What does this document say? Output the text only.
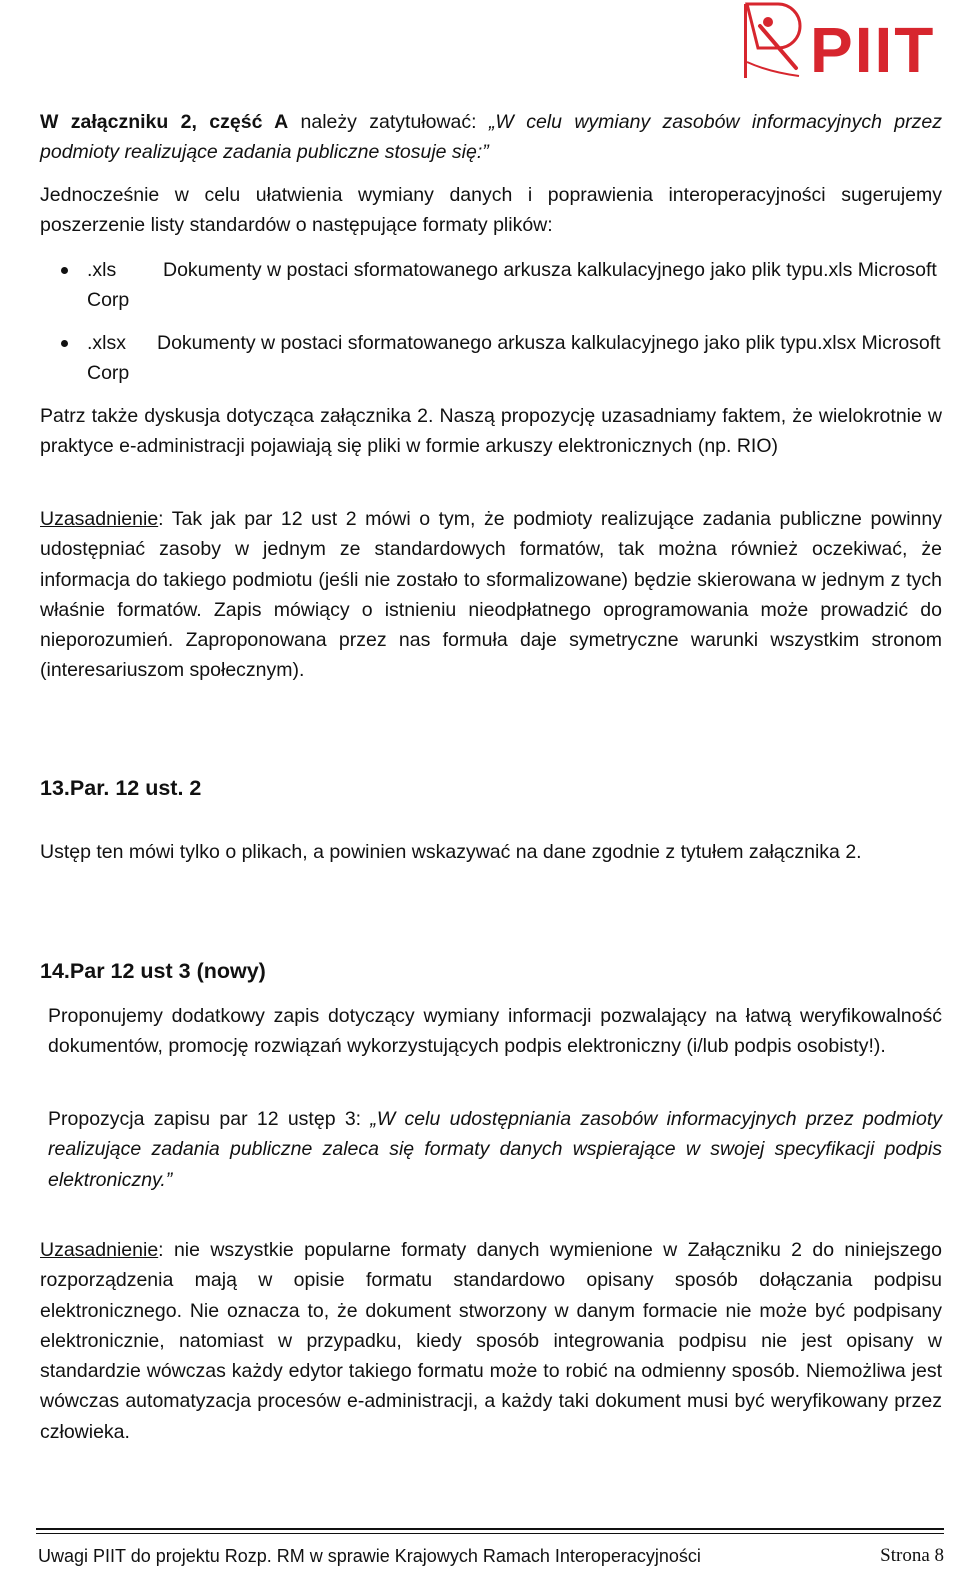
PIIT

W załączniku 2, część A należy zatytułować: „W celu wymiany zasobów informacyjnych przez podmioty realizujące zadania publiczne stosuje się:”

Jednocześnie w celu ułatwienia wymiany danych i poprawienia interoperacyjności sugerujemy poszerzenie listy standardów o następujące formaty plików:

.xls Dokumenty w postaci sformatowanego arkusza kalkulacyjnego jako plik typu.xls Microsoft Corp
.xlsx Dokumenty w postaci sformatowanego arkusza kalkulacyjnego jako plik typu.xlsx Microsoft Corp

Patrz także dyskusja dotycząca załącznika 2. Naszą propozycję uzasadniamy faktem, że wielokrotnie w praktyce e-administracji pojawiają się pliki w formie arkuszy elektronicznych (np. RIO)

Uzasadnienie: Tak jak par 12 ust 2 mówi o tym, że podmioty realizujące zadania publiczne powinny udostępniać zasoby w jednym ze standardowych formatów, tak można również oczekiwać, że informacja do takiego podmiotu (jeśli nie zostało to sformalizowane) będzie skierowana w jednym z tych właśnie formatów. Zapis mówiący o istnieniu nieodpłatnego oprogramowania może prowadzić do nieporozumień. Zaproponowana przez nas formuła daje symetryczne warunki wszystkim stronom (interesariuszom społecznym).

13.Par. 12 ust. 2

Ustęp ten mówi tylko o plikach, a powinien wskazywać na dane zgodnie z tytułem załącznika 2.

14.Par 12 ust 3 (nowy)

Proponujemy dodatkowy zapis dotyczący wymiany informacji pozwalający na łatwą weryfikowalność dokumentów, promocję rozwiązań wykorzystujących podpis elektroniczny (i/lub podpis osobisty!).

Propozycja zapisu par 12 ustęp 3: „W celu udostępniania zasobów informacyjnych przez podmioty realizujące zadania publiczne zaleca się formaty danych wspierające w swojej specyfikacji podpis elektroniczny.”

Uzasadnienie: nie wszystkie popularne formaty danych wymienione w Załączniku 2 do niniejszego rozporządzenia mają w opisie formatu standardowo opisany sposób dołączania podpisu elektronicznego. Nie oznacza to, że dokument stworzony w danym formacie nie może być podpisany elektronicznie, natomiast w przypadku, kiedy sposób integrowania podpisu nie jest opisany w standardzie wówczas każdy edytor takiego formatu może to robić na odmienny sposób. Niemożliwa jest wówczas automatyzacja procesów e-administracji, a każdy taki dokument musi być weryfikowany przez człowieka.

Uwagi PIIT do projektu Rozp. RM w sprawie Krajowych Ramach Interoperacyjności	Strona 8
